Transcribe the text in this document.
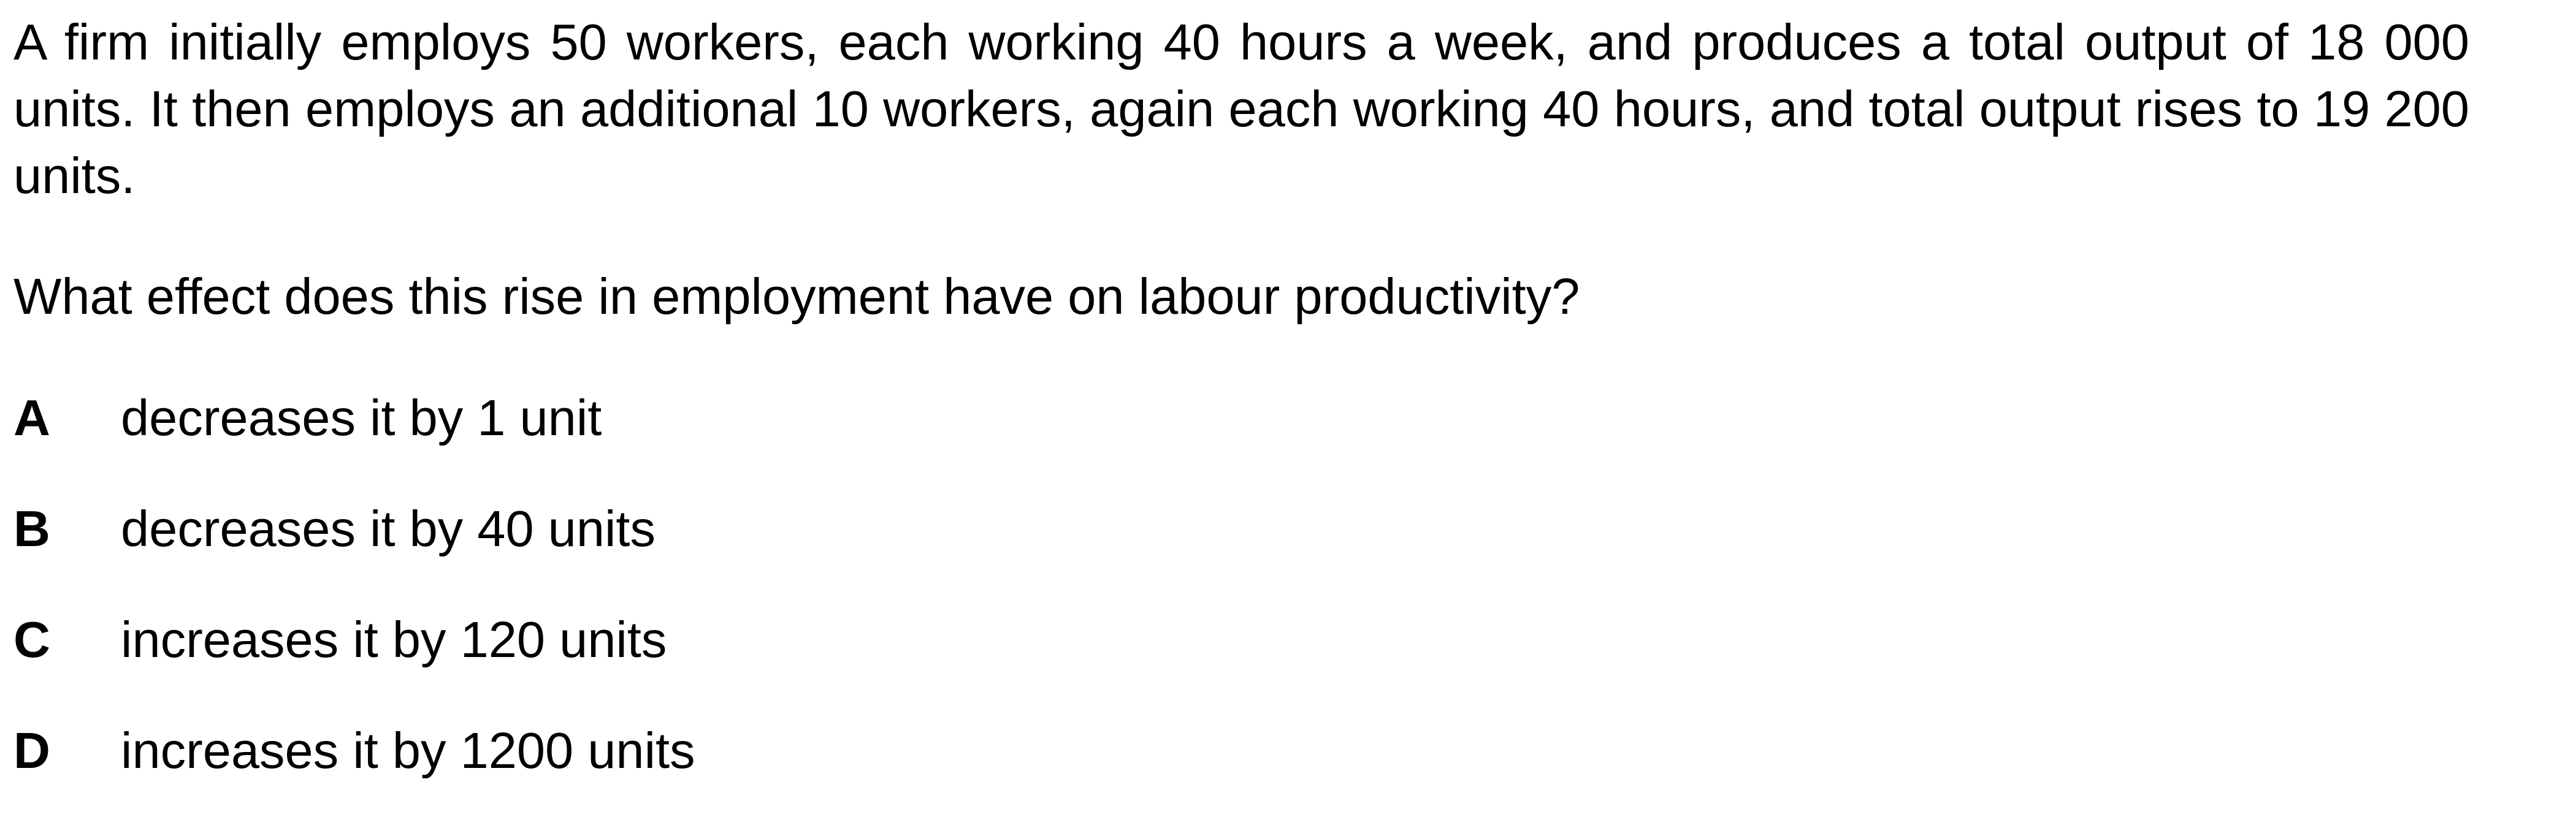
A firm initially employs 50 workers, each working 40 hours a week, and produces a total output of 18 000 units. It then employs an additional 10 workers, again each working 40 hours, and total output rises to 19 200 units.

What effect does this rise in employment have on labour productivity?

A	decreases it by 1 unit
B	decreases it by 40 units
C	increases it by 120 units
D	increases it by 1200 units
